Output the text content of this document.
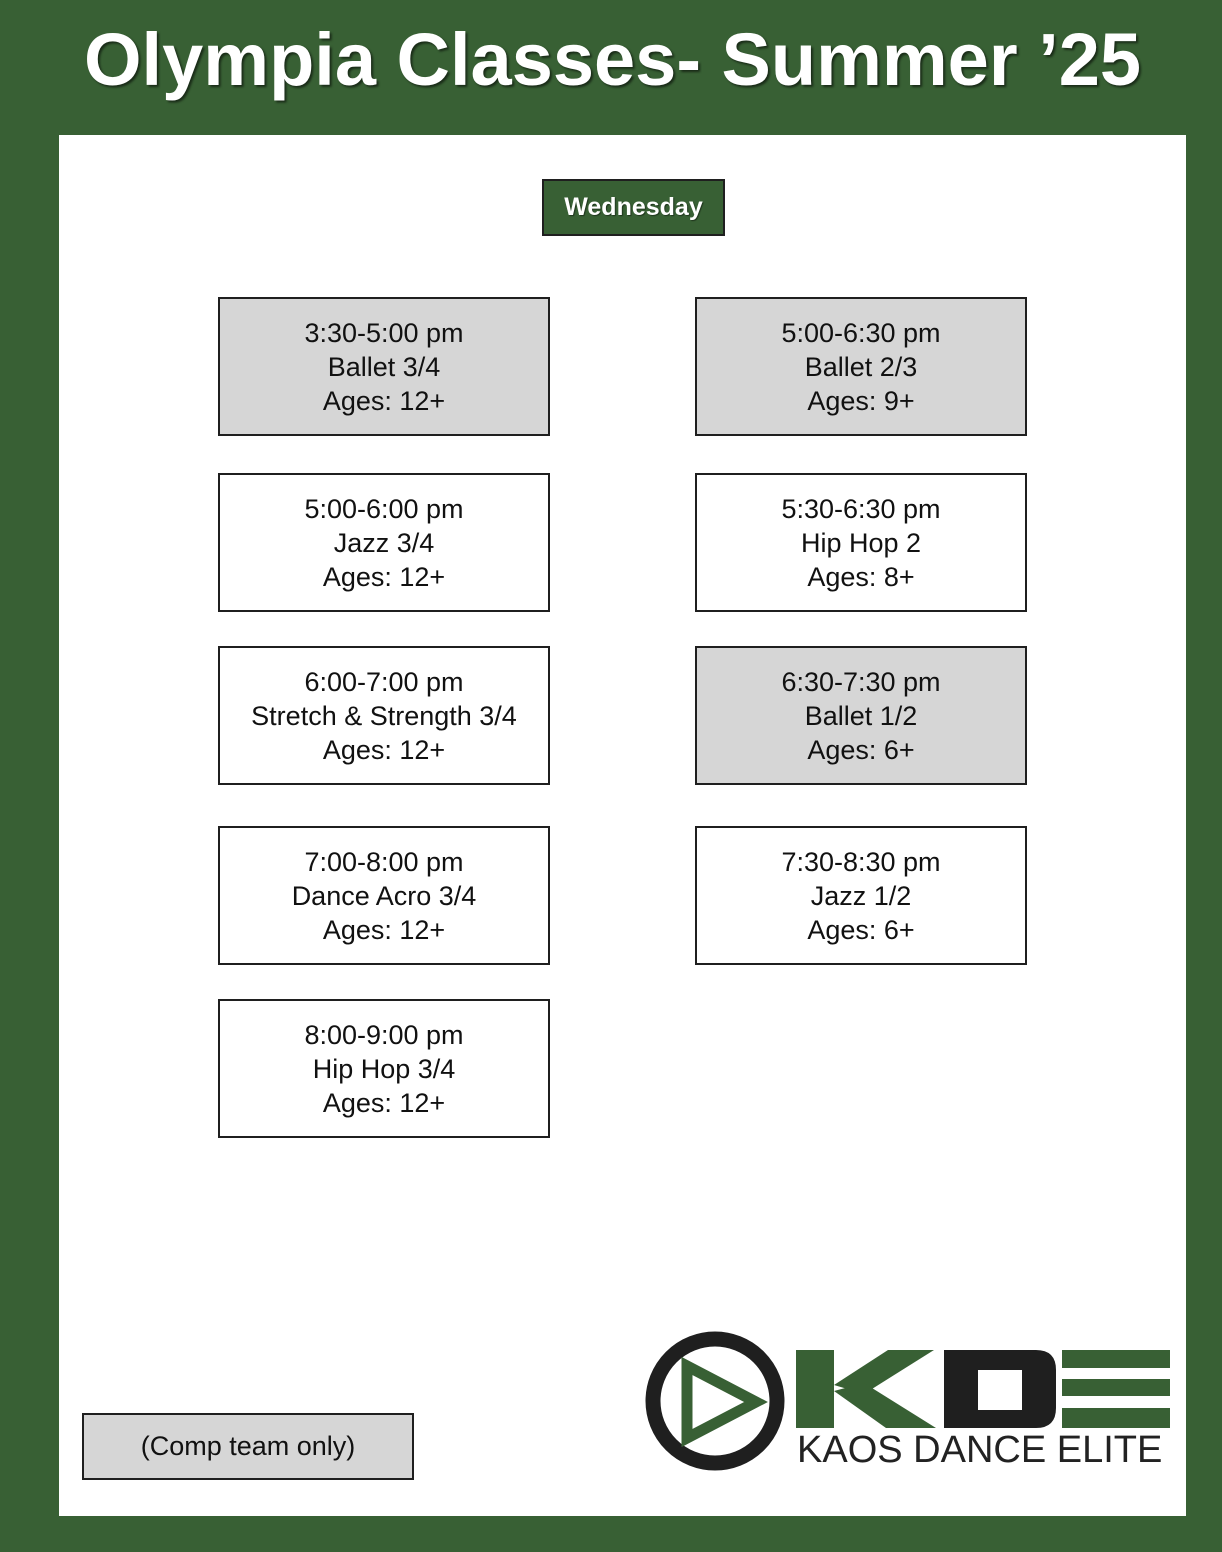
Olympia Classes- Summer ’25
Wednesday
3:30-5:00 pm
Ballet 3/4
Ages: 12+
5:00-6:30 pm
Ballet 2/3
Ages: 9+
5:00-6:00 pm
Jazz 3/4
Ages: 12+
5:30-6:30 pm
Hip Hop 2
Ages: 8+
6:00-7:00 pm
Stretch & Strength 3/4
Ages: 12+
6:30-7:30 pm
Ballet 1/2
Ages: 6+
7:00-8:00 pm
Dance Acro 3/4
Ages: 12+
7:30-8:30 pm
Jazz 1/2
Ages: 6+
8:00-9:00 pm
Hip Hop 3/4
Ages: 12+
(Comp team only)	KAOS DANCE ELITE
